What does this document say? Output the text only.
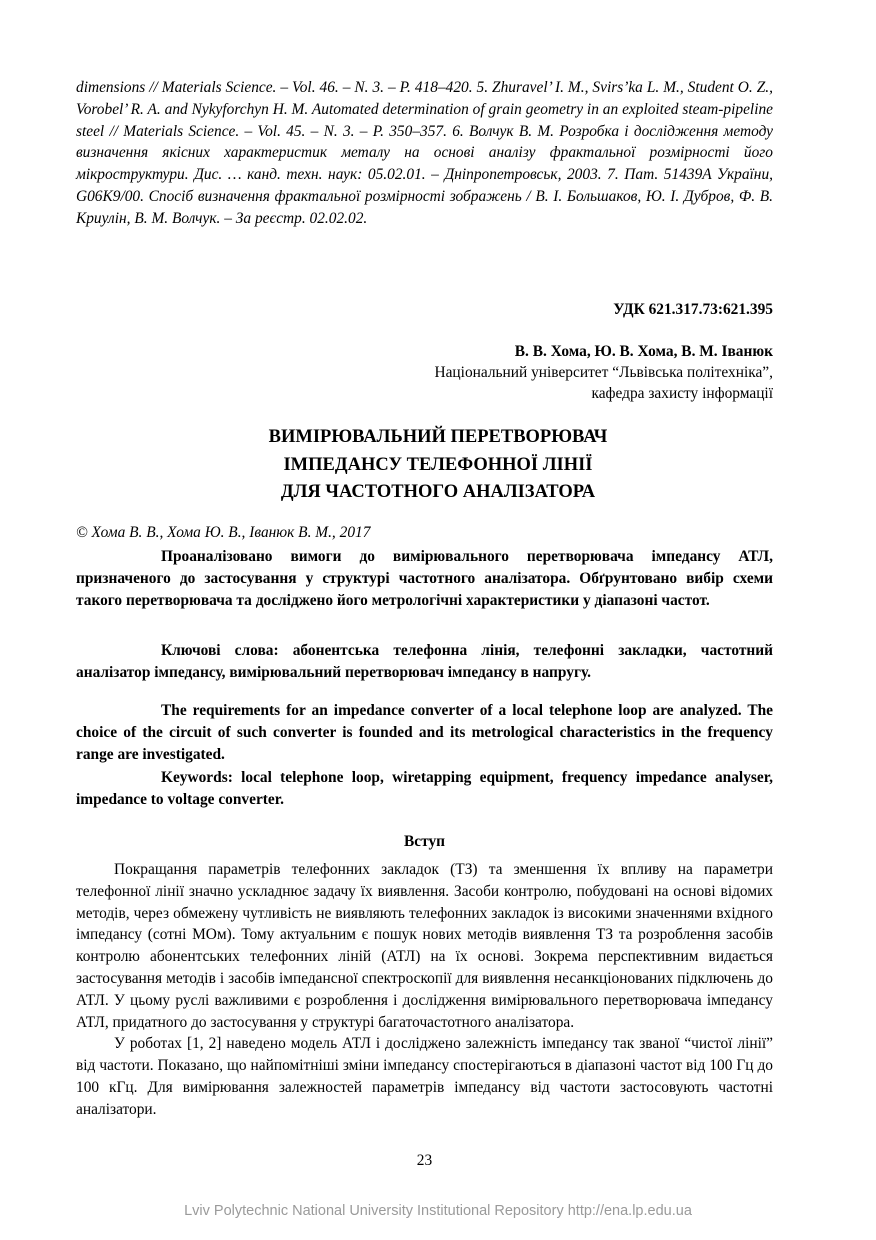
dimensions // Materials Science. – Vol. 46. – N. 3. – P. 418–420. 5. Zhuravel’ I. M., Svirs’ka L. M., Student O. Z., Vorobel’ R. A. and Nykyforchyn H. M. Automated determination of grain geometry in an exploited steam-pipeline steel // Materials Science. – Vol. 45. – N. 3. – P. 350–357. 6. Волчук В. М. Розробка і дослідження методу визначення якісних характеристик металу на основі аналізу фрактальної розмірності його мікроструктури. Дис. … канд. техн. наук: 05.02.01. – Дніпропетровськ, 2003. 7. Пат. 51439A України, G06K9/00. Спосіб визначення фрактальної розмірності зображень / В. І. Большаков, Ю. І. Дубров, Ф. В. Криулін, В. М. Волчук. – За реєстр. 02.02.02.

УДК 621.317.73:621.395
В. В. Хома, Ю. В. Хома, В. М. Іванюк
Національний університет “Львівська політехніка”,
кафедра захисту інформації
ВИМІРЮВАЛЬНИЙ ПЕРЕТВОРЮВАЧ
ІМПЕДАНСУ ТЕЛЕФОННОЇ ЛІНІЇ
ДЛЯ ЧАСТОТНОГО АНАЛІЗАТОРА
© Хома В. В., Хома Ю. В., Іванюк В. М., 2017

Проаналізовано вимоги до вимірювального перетворювача імпедансу АТЛ, призначеного до застосування у структурі частотного аналізатора. Обґрунтовано вибір схеми такого перетворювача та досліджено його метрологічні характеристики у діапазоні частот.

Ключові слова: абонентська телефонна лінія, телефонні закладки, частотний аналізатор імпедансу, вимірювальний перетворювач імпедансу в напругу.

The requirements for an impedance converter of a local telephone loop are analyzed. The choice of the circuit of such converter is founded and its metrological characteristics in the frequency range are investigated.

Keywords: local telephone loop, wiretapping equipment, frequency impedance analyser, impedance to voltage converter.

Вступ

Покращання параметрів телефонних закладок (ТЗ) та зменшення їх впливу на параметри телефонної лінії значно ускладнює задачу їх виявлення. Засоби контролю, побудовані на основі відомих методів, через обмежену чутливість не виявляють телефонних закладок із високими значеннями вхідного імпедансу (сотні МОм). Тому актуальним є пошук нових методів виявлення ТЗ та розроблення засобів контролю абонентських телефонних ліній (АТЛ) на їх основі. Зокрема перспективним видається застосування методів і засобів імпедансної спектроскопії для виявлення несанкціонованих підключень до АТЛ. У цьому руслі важливими є розроблення і дослідження вимірювального перетворювача імпедансу АТЛ, придатного до застосування у структурі багаточастотного аналізатора.

У роботах [1, 2] наведено модель АТЛ і досліджено залежність імпедансу так званої “чистої лінії” від частоти. Показано, що найпомітніші зміни імпедансу спостерігаються в діапазоні частот від 100 Гц до 100 кГц. Для вимірювання залежностей параметрів імпедансу від частоти застосовують частотні аналізатори.

23
Lviv Polytechnic National University Institutional Repository http://ena.lp.edu.ua
